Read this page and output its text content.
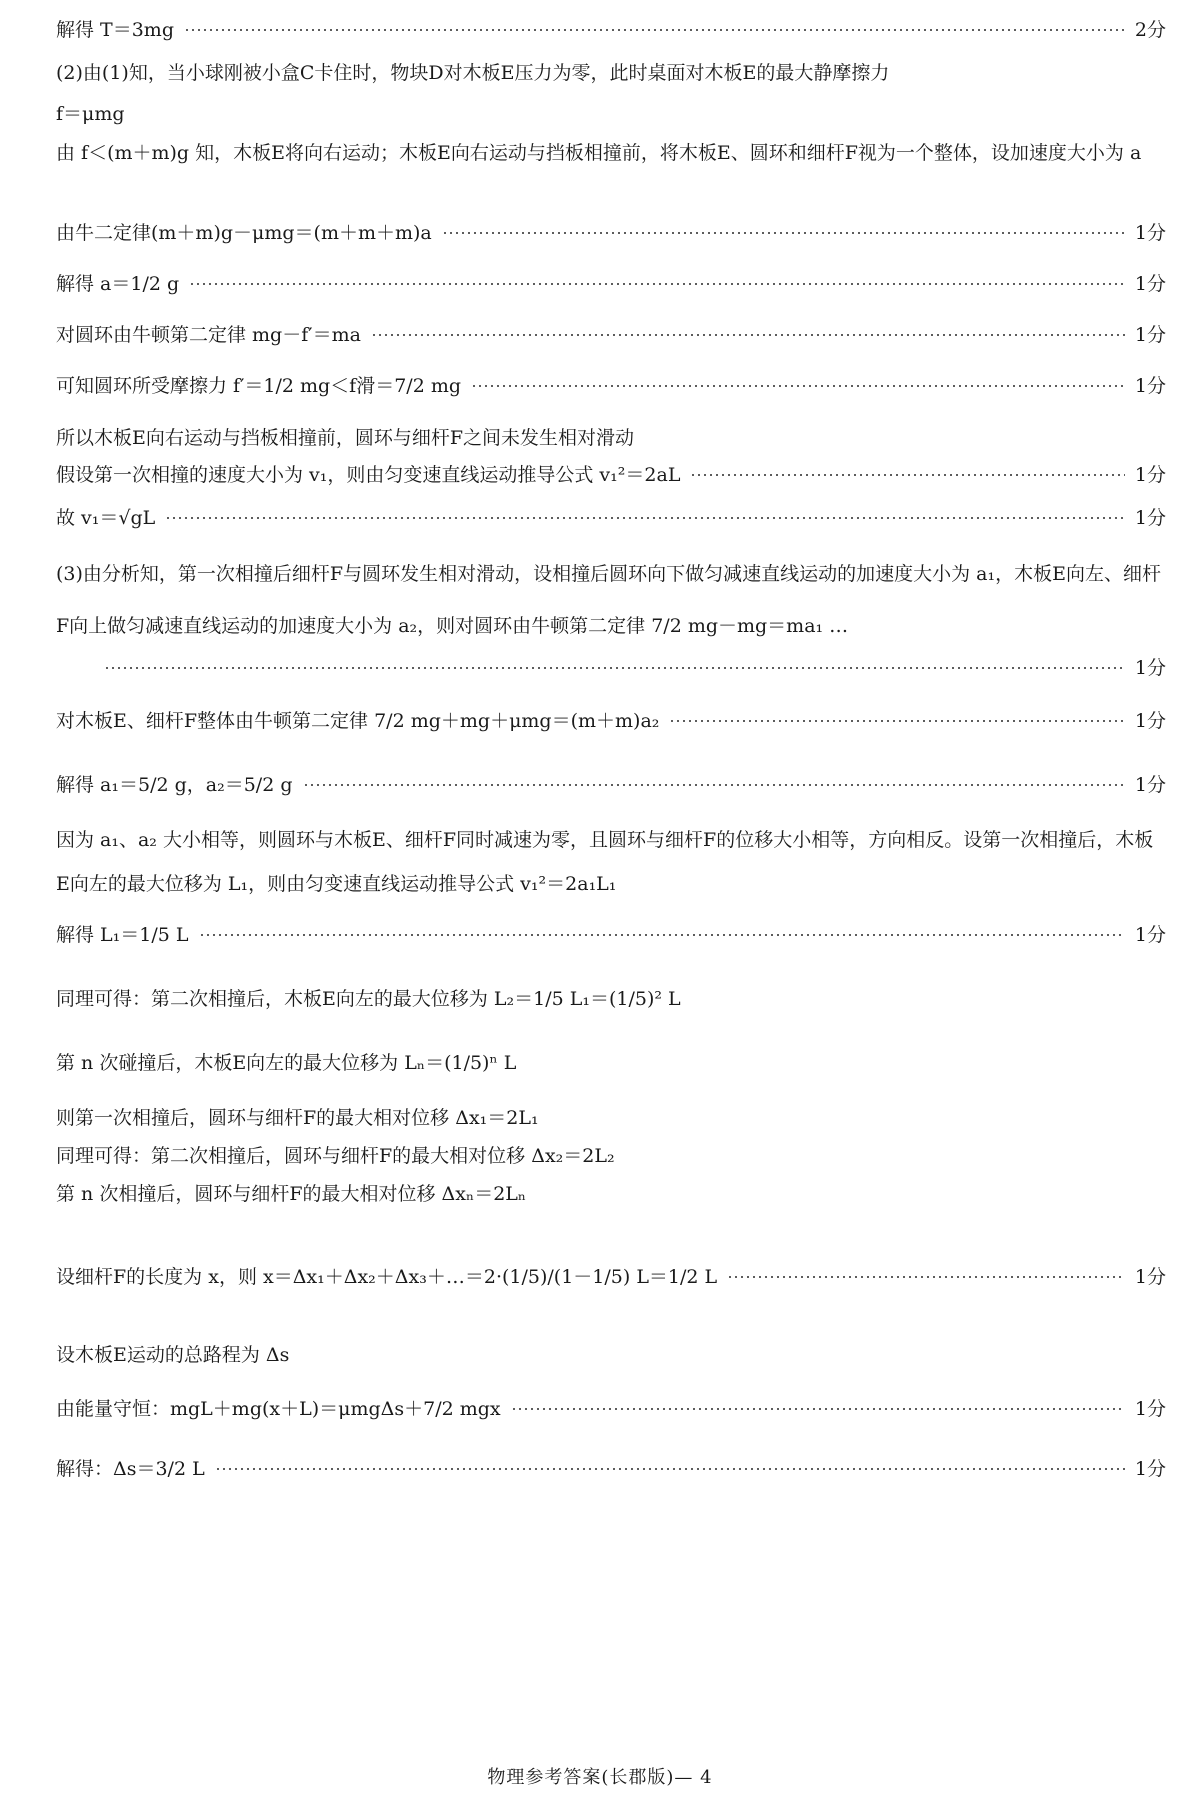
解得 T＝3mg	2分
(2)由(1)知，当小球刚被小盒C卡住时，物块D对木板E压力为零，此时桌面对木板E的最大静摩擦力
f＝μmg
由 f＜(m＋m)g 知，木板E将向右运动；木板E向右运动与挡板相撞前，将木板E、圆环和细杆F视为一个整体，设加速度大小为 a
由牛二定律(m＋m)g－μmg＝(m＋m＋m)a	1分
解得 a＝1/2 g	1分
对圆环由牛顿第二定律 mg－f′＝ma	1分
可知圆环所受摩擦力 f′＝1/2 mg＜f滑＝7/2 mg	1分
所以木板E向右运动与挡板相撞前，圆环与细杆F之间未发生相对滑动
假设第一次相撞的速度大小为 v₁，则由匀变速直线运动推导公式 v₁²＝2aL	1分
故 v₁＝√gL	1分
(3)由分析知，第一次相撞后细杆F与圆环发生相对滑动，设相撞后圆环向下做匀减速直线运动的加速度大小为 a₁，木板E向左、细杆F向上做匀减速直线运动的加速度大小为 a₂，则对圆环由牛顿第二定律 7/2 mg－mg＝ma₁ …
1分
对木板E、细杆F整体由牛顿第二定律 7/2 mg＋mg＋μmg＝(m＋m)a₂	1分
解得 a₁＝5/2 g，a₂＝5/2 g	1分
因为 a₁、a₂ 大小相等，则圆环与木板E、细杆F同时减速为零，且圆环与细杆F的位移大小相等，方向相反。设第一次相撞后，木板E向左的最大位移为 L₁，则由匀变速直线运动推导公式 v₁²＝2a₁L₁
解得 L₁＝1/5 L	1分
同理可得：第二次相撞后，木板E向左的最大位移为 L₂＝1/5 L₁＝(1/5)² L
第 n 次碰撞后，木板E向左的最大位移为 Lₙ＝(1/5)ⁿ L
则第一次相撞后，圆环与细杆F的最大相对位移 Δx₁＝2L₁
同理可得：第二次相撞后，圆环与细杆F的最大相对位移 Δx₂＝2L₂
第 n 次相撞后，圆环与细杆F的最大相对位移 Δxₙ＝2Lₙ
设细杆F的长度为 x，则 x＝Δx₁＋Δx₂＋Δx₃＋…＝2·(1/5)/(1－1/5) L＝1/2 L	1分
设木板E运动的总路程为 Δs
由能量守恒：mgL＋mg(x＋L)＝μmgΔs＋7/2 mgx	1分
解得：Δs＝3/2 L	1分
物理参考答案(长郡版)— 4
